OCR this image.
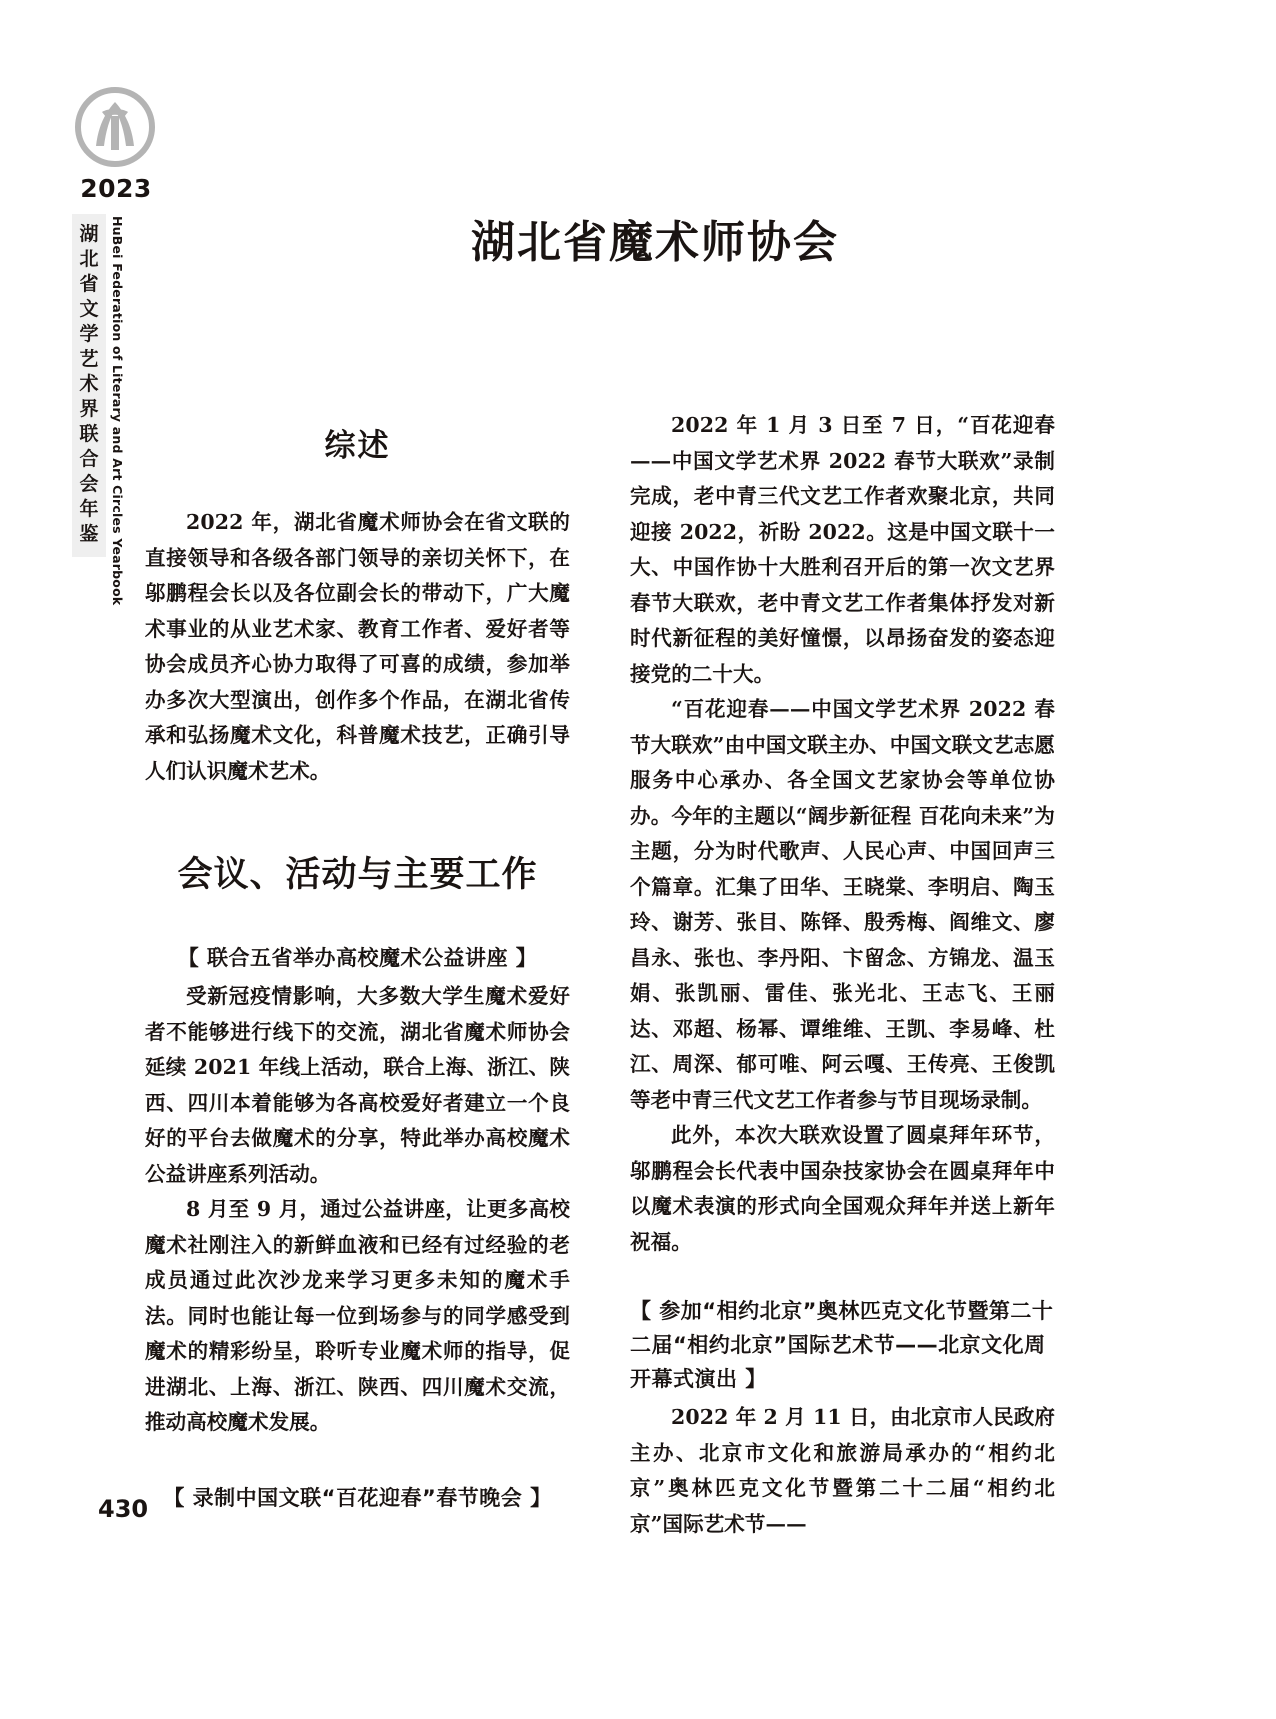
2023
湖
北
省
文
学
艺
术
界
联
合
会
年
鉴 HuBei Federation of Literary and Art Circles Yearbook	湖北省魔术师协会
综述

2022 年，湖北省魔术师协会在省文联的直接领导和各级各部门领导的亲切关怀下，在邬鹏程会长以及各位副会长的带动下，广大魔术事业的从业艺术家、教育工作者、爱好者等协会成员齐心协力取得了可喜的成绩，参加举办多次大型演出，创作多个作品，在湖北省传承和弘扬魔术文化，科普魔术技艺，正确引导人们认识魔术艺术。

会议、活动与主要工作
【 联合五省举办高校魔术公益讲座 】

受新冠疫情影响，大多数大学生魔术爱好者不能够进行线下的交流，湖北省魔术师协会延续 2021 年线上活动，联合上海、浙江、陕西、四川本着能够为各高校爱好者建立一个良好的平台去做魔术的分享，特此举办高校魔术公益讲座系列活动。

8 月至 9 月，通过公益讲座，让更多高校魔术社刚注入的新鲜血液和已经有过经验的老成员通过此次沙龙来学习更多未知的魔术手法。同时也能让每一位到场参与的同学感受到魔术的精彩纷呈，聆听专业魔术师的指导，促进湖北、上海、浙江、陕西、四川魔术交流，推动高校魔术发展。

【 录制中国文联“百花迎春”春节晚会 】

2022 年 1 月 3 日至 7 日，“百花迎春——中国文学艺术界 2022 春节大联欢”录制完成，老中青三代文艺工作者欢聚北京，共同迎接 2022，祈盼 2022。这是中国文联十一大、中国作协十大胜利召开后的第一次文艺界春节大联欢，老中青文艺工作者集体抒发对新时代新征程的美好憧憬，以昂扬奋发的姿态迎接党的二十大。

“百花迎春——中国文学艺术界 2022 春节大联欢”由中国文联主办、中国文联文艺志愿服务中心承办、各全国文艺家协会等单位协办。今年的主题以“阔步新征程 百花向未来”为主题，分为时代歌声、人民心声、中国回声三个篇章。汇集了田华、王晓棠、李明启、陶玉玲、谢芳、张目、陈铎、殷秀梅、阎维文、廖昌永、张也、李丹阳、卞留念、方锦龙、温玉娟、张凯丽、雷佳、张光北、王志飞、王丽达、邓超、杨幂、谭维维、王凯、李易峰、杜江、周深、郁可唯、阿云嘎、王传亮、王俊凯等老中青三代文艺工作者参与节目现场录制。

此外，本次大联欢设置了圆桌拜年环节，邬鹏程会长代表中国杂技家协会在圆桌拜年中以魔术表演的形式向全国观众拜年并送上新年祝福。

【 参加“相约北京”奥林匹克文化节暨第二十二届“相约北京”国际艺术节——北京文化周开幕式演出 】

2022 年 2 月 11 日，由北京市人民政府主办、北京市文化和旅游局承办的“相约北京”奥林匹克文化节暨第二十二届“相约北京”国际艺术节——

430
